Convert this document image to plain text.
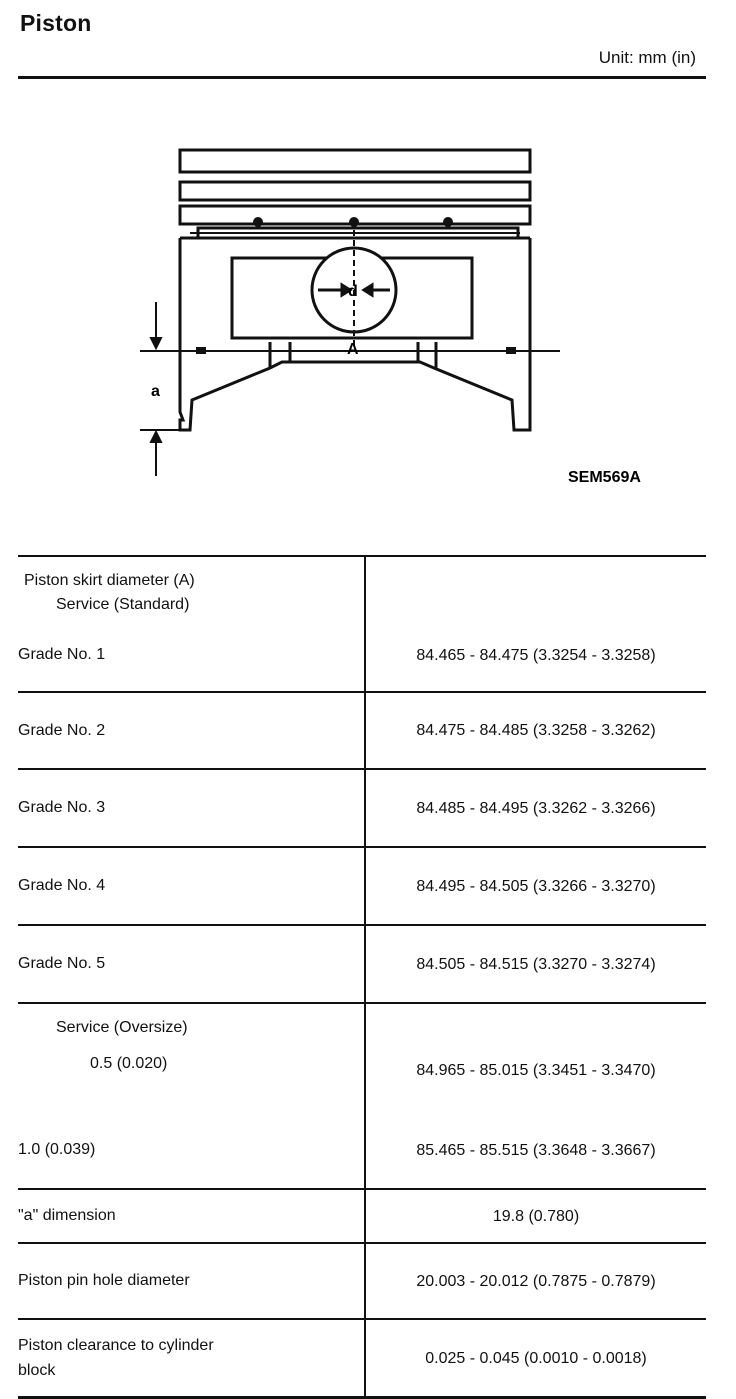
Piston
Unit: mm (in)
d
A
a
SEM569A
Piston skirt diameter (A)
Service (Standard)	

Grade No. 1	84.465 - 84.475 (3.3254 - 3.3258)
Grade No. 2	84.475 - 84.485 (3.3258 - 3.3262)
Grade No. 3	84.485 - 84.495 (3.3262 - 3.3266)
Grade No. 4	84.495 - 84.505 (3.3266 - 3.3270)
Grade No. 5	84.505 - 84.515 (3.3270 - 3.3274)

Service (Oversize)
0.5 (0.020)	84.965 - 85.015 (3.3451 - 3.3470)
1.0 (0.039)	85.465 - 85.515 (3.3648 - 3.3667)
"a" dimension	19.8 (0.780)
Piston pin hole diameter	20.003 - 20.012 (0.7875 - 0.7879)

Piston clearance to cylinder
block	0.025 - 0.045 (0.0010 - 0.0018)
